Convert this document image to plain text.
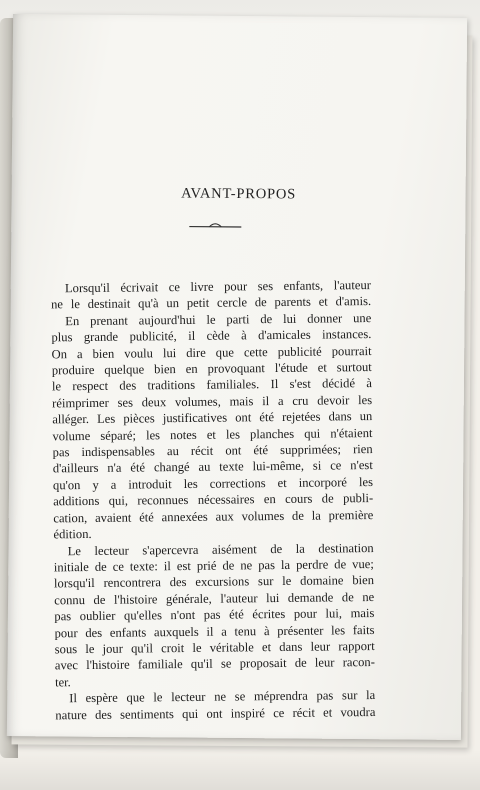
AVANT-PROPOS
Lorsqu'il écrivait ce livre pour ses enfants, l'auteur
ne le destinait qu'à un petit cercle de parents et d'amis.
En prenant aujourd'hui le parti de lui donner une
plus grande publicité, il cède à d'amicales instances.
On a bien voulu lui dire que cette publicité pourrait
produire quelque bien en provoquant l'étude et surtout
le respect des traditions familiales. Il s'est décidé à
réimprimer ses deux volumes, mais il a cru devoir les
alléger. Les pièces justificatives ont été rejetées dans un
volume séparé; les notes et les planches qui n'étaient
pas indispensables au récit ont été supprimées; rien
d'ailleurs n'a été changé au texte lui-même, si ce n'est
qu'on y a introduit les corrections et incorporé les
additions qui, reconnues nécessaires en cours de publi-
cation, avaient été annexées aux volumes de la première
édition.
Le lecteur s'apercevra aisément de la destination
initiale de ce texte: il est prié de ne pas la perdre de vue;
lorsqu'il rencontrera des excursions sur le domaine bien
connu de l'histoire générale, l'auteur lui demande de ne
pas oublier qu'elles n'ont pas été écrites pour lui, mais
pour des enfants auxquels il a tenu à présenter les faits
sous le jour qu'il croit le véritable et dans leur rapport
avec l'histoire familiale qu'il se proposait de leur racon-
ter.
Il espère que le lecteur ne se méprendra pas sur la
nature des sentiments qui ont inspiré ce récit et voudra
